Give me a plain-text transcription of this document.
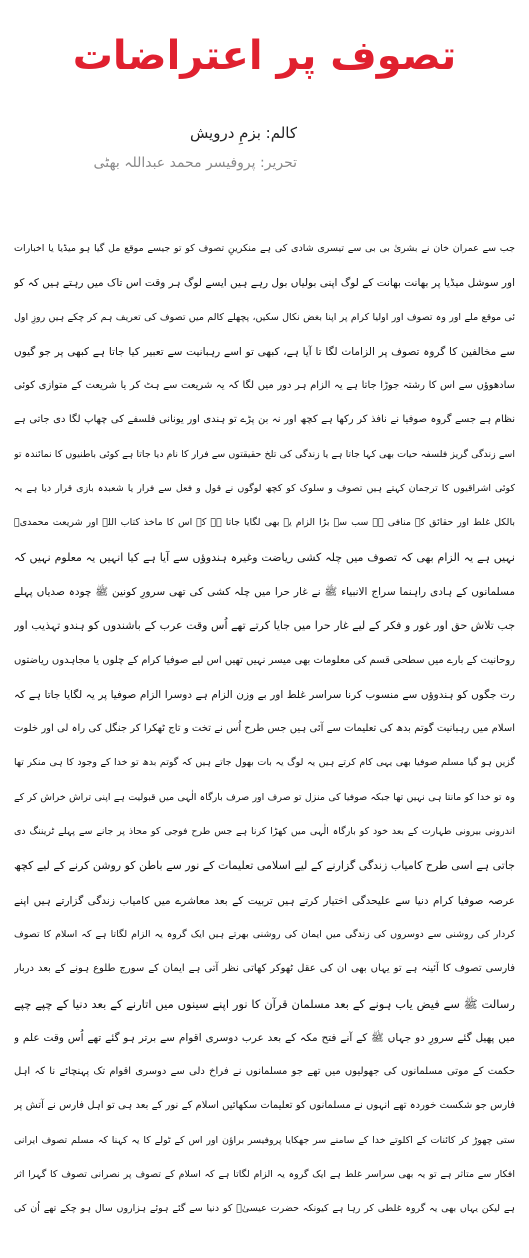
تصوف پر اعتراضات
کالم: بزمِ درویش
تحریر: پروفیسر محمد عبداللہ بھٹی
جب سے عمران خان نے بشریٰ بی بی سے تیسری شادی کی ہے منکرینِ تصوف کو تو جیسے موقع مل گیا ہو میڈیا یا اخبارات
اور سوشل میڈیا پر بھانت بھانت کے لوگ اپنی بولیاں بول رہے ہیں ایسے لوگ ہر وقت اس تاک میں رہتے ہیں کہ کو
ئی موقع ملے اور وہ تصوف اور اولیا کرام پر اپنا بغض نکال سکیں، پچھلے کالم میں تصوف کی تعریف ہم کر چکے ہیں روزِ اول
سے مخالفین کا گروہ تصوف پر الزامات لگا تا آیا ہے، کبھی تو اسے رہبانیت سے تعبیر کیا جاتا ہے کبھی پر جو گیوں
سادھوؤں سے اس کا رشتہ جوڑا جاتا ہے یہ الزام ہر دور میں لگا کہ یہ شریعت سے ہٹ کر یا شریعت کے متوازی کوئی
نظام ہے جسے گروہ صوفیا نے نافذ کر رکھا ہے کچھ اور نہ بن پڑے تو ہندی اور یونانی فلسفے کی چھاپ لگا دی جاتی ہے
اسے زندگی گریز فلسفہ حیات بھی کہا جاتا ہے یا زندگی کی تلخ حقیقتوں سے فرار کا نام دیا جاتا ہے کوئی باطنیوں کا نمائندہ تو
کوئی اشراقیوں کا ترجمان کہتے ہیں تصوف و سلوک کو کچھ لوگوں نے قول و فعل سے فرار یا شعبدہ بازی قرار دیا ہے یہ
بالکل غلط اور حقائق کے منافی ہے سب سے بڑا الزام یہ بھی لگایا جاتا ہے کہ اس کا ماخذ کتاب اللہ اور شریعت محمدیؐ
نہیں ہے یہ الزام بھی کہ تصوف میں چلہ کشی ریاضت وغیرہ ہندوؤں سے آیا ہے کیا انہیں یہ معلوم نہیں کہ
مسلمانوں کے ہادی راہنما سراج الانبیاء ﷺ نے غار حرا میں چلہ کشی کی تھی سرورِ کونین ﷺ چودہ صدیاں پہلے
جب تلاش حق اور غور و فکر کے لیے غار حرا میں جایا کرتے تھے اُس وقت عرب کے باشندوں کو ہندو تہذیب اور
روحانیت کے بارے میں سطحی قسم کی معلومات بھی میسر نہیں تھیں اس لیے صوفیا کرام کے چلوں یا مجاہدوں ریاضتوں
رت جگوں کو ہندوؤں سے منسوب کرنا سراسر غلط اور بے وزن الزام ہے دوسرا الزام صوفیا پر یہ لگایا جاتا ہے کہ
اسلام میں رہبانیت گوتم بدھ کی تعلیمات سے آئی ہیں جس طرح اُس نے تخت و تاج ٹھکرا کر جنگل کی راہ لی اور خلوت
گزیں ہو گیا مسلم صوفیا بھی یہی کام کرتے ہیں یہ لوگ یہ بات بھول جاتے ہیں کہ گوتم بدھ تو خدا کے وجود کا ہی منکر تھا
وہ تو خدا کو مانتا ہی نہیں تھا جبکہ صوفیا کی منزل تو صرف اور صرف بارگاہ الٰہی میں قبولیت ہے اپنی تراش خراش کر کے
اندرونی بیرونی طہارت کے بعد خود کو بارگاہ الٰہی میں کھڑا کرنا ہے جس طرح فوجی کو محاذ پر جانے سے پہلے ٹریننگ دی
جاتی ہے اسی طرح کامیاب زندگی گزارنے کے لیے اسلامی تعلیمات کے نور سے باطن کو روشن کرنے کے لیے کچھ
عرصہ صوفیا کرام دنیا سے علیحدگی اختیار کرتے ہیں تربیت کے بعد معاشرے میں کامیاب زندگی گزارتے ہیں اپنے
کردار کی روشنی سے دوسروں کی زندگی میں ایمان کی روشنی بھرتے ہیں ایک گروہ یہ الزام لگاتا ہے کہ اسلام کا تصوف
فارسی تصوف کا آئینہ ہے تو یہاں بھی ان کی عقل ٹھوکر کھاتی نظر آتی ہے ایمان کے سورج طلوع ہونے کے بعد دربار
رسالت ﷺ سے فیض یاب ہونے کے بعد مسلمان قرآن کا نور اپنے سینوں میں اتارنے کے بعد دنیا کے چپے چپے
میں پھیل گئے سرورِ دو جہاں ﷺ کے آنے فتح مکہ کے بعد عرب دوسری اقوام سے برتر ہو گئے تھے اُس وقت علم و
حکمت کے موتی مسلمانوں کی جھولیوں میں تھے جو مسلمانوں نے فراخ دلی سے دوسری اقوام تک پہنچائے نا کہ اہل
فارس جو شکست خوردہ تھے انہوں نے مسلمانوں کو تعلیمات سکھائیں اسلام کے نور کے بعد ہی تو اہل فارس نے آتش پر
ستی چھوڑ کر کائنات کے اکلوتے خدا کے سامنے سر جھکایا پروفیسر براؤن اور اس کے ٹولے کا یہ کہنا کہ مسلم تصوف ایرانی
افکار سے متاثر ہے تو یہ بھی سراسر غلط ہے ایک گروہ یہ الزام لگاتا ہے کہ اسلام کے تصوف پر نصرانی تصوف کا گہرا اثر
ہے لیکن یہاں بھی یہ گروہ غلطی کر رہا ہے کیونکہ حضرت عیسیٰؑ کو دنیا سے گئے ہوئے ہزاروں سال ہو چکے تھے اُن کی
